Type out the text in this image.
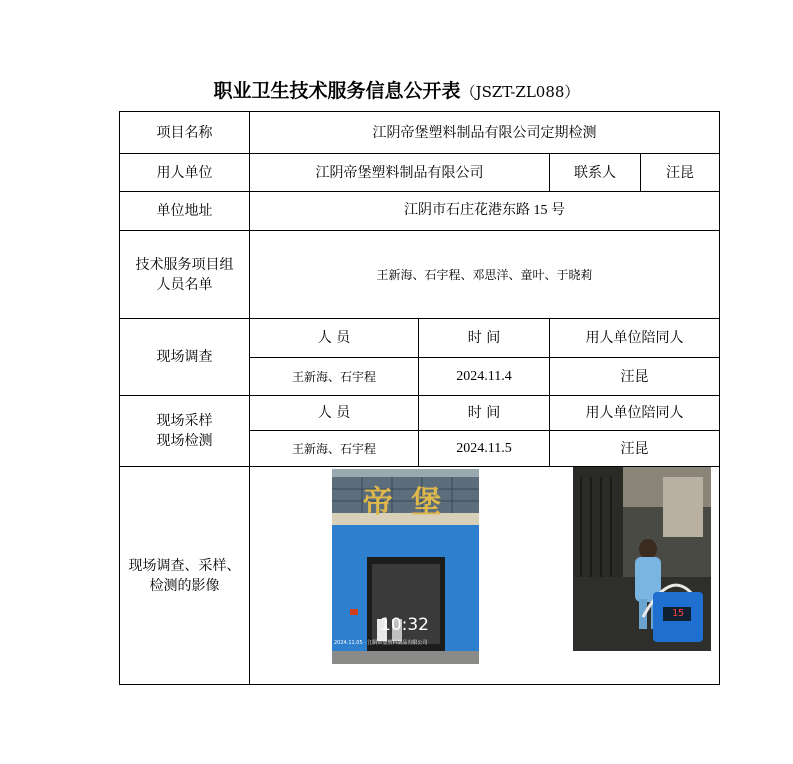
职业卫生技术服务信息公开表（JSZT-ZL088）
项目名称	江阴帝堡塑料制品有限公司定期检测			
用人单位	江阴帝堡塑料制品有限公司		联系人	汪昆
单位地址	江阴市石庄花港东路 15 号			
技术服务项目组人员名单	王新海、石宇程、邓思洋、童叶、于晓莉			
现场调查	人 员	时 间	用人单位陪同人	
	王新海、石宇程	2024.11.4	汪昆	
现场采样现场检测	人 员	时 间	用人单位陪同人	
	王新海、石宇程	2024.11.5	汪昆	
现场调查、采样、检测的影像				
帝 堡
10:32
2024.11.05 · 江阴帝堡塑料制品有限公司
15
